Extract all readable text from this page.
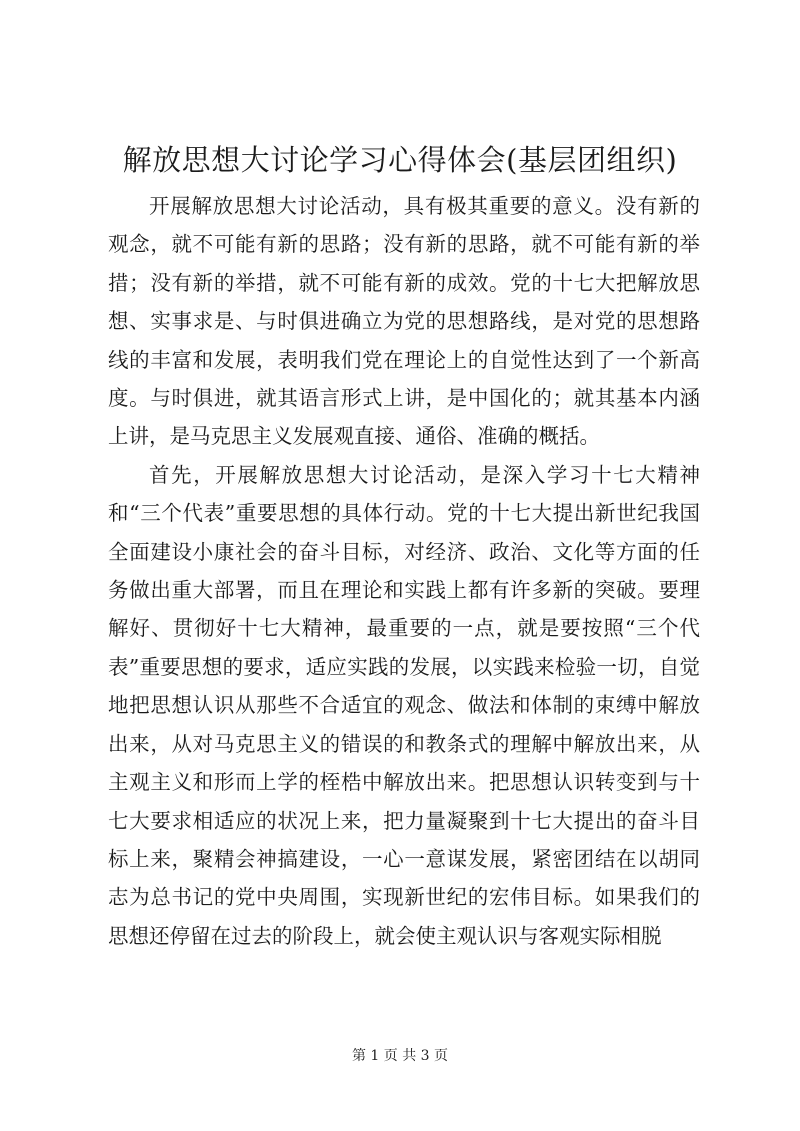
解放思想大讨论学习心得体会(基层团组织)

开展解放思想大讨论活动，具有极其重要的意义。没有新的观念，就不可能有新的思路；没有新的思路，就不可能有新的举措；没有新的举措，就不可能有新的成效。党的十七大把解放思想、实事求是、与时俱进确立为党的思想路线，是对党的思想路线的丰富和发展，表明我们党在理论上的自觉性达到了一个新高度。与时俱进，就其语言形式上讲，是中国化的；就其基本内涵上讲，是马克思主义发展观直接、通俗、准确的概括。

首先，开展解放思想大讨论活动，是深入学习十七大精神和“三个代表”重要思想的具体行动。党的十七大提出新世纪我国全面建设小康社会的奋斗目标，对经济、政治、文化等方面的任务做出重大部署，而且在理论和实践上都有许多新的突破。要理解好、贯彻好十七大精神，最重要的一点，就是要按照“三个代表”重要思想的要求，适应实践的发展，以实践来检验一切，自觉地把思想认识从那些不合适宜的观念、做法和体制的束缚中解放出来，从对马克思主义的错误的和教条式的理解中解放出来，从主观主义和形而上学的桎梏中解放出来。把思想认识转变到与十七大要求相适应的状况上来，把力量凝聚到十七大提出的奋斗目标上来，聚精会神搞建设，一心一意谋发展，紧密团结在以胡同志为总书记的党中央周围，实现新世纪的宏伟目标。如果我们的思想还停留在过去的阶段上，就会使主观认识与客观实际相脱

第 1 页 共 3 页
